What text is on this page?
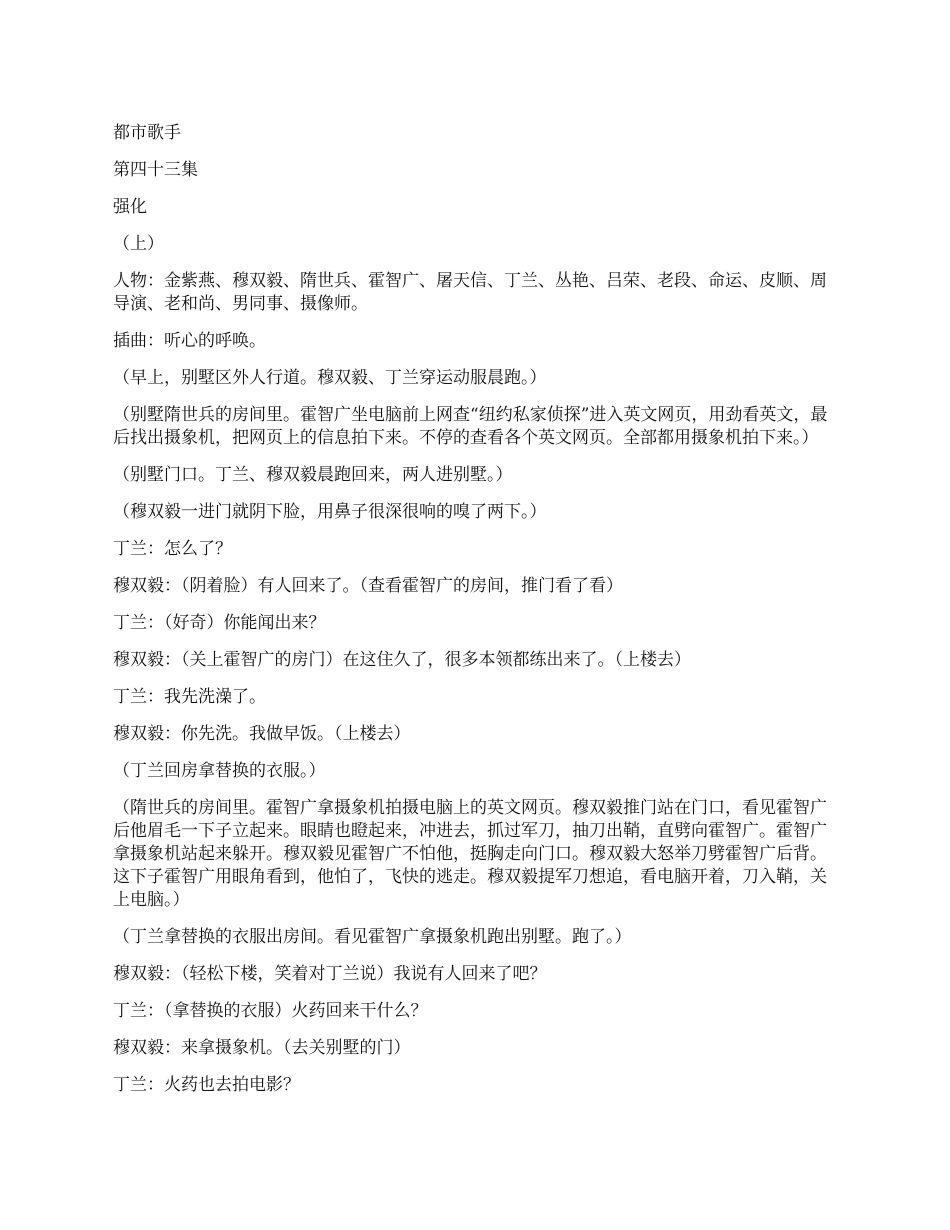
都市歌手

第四十三集

强化

（上）

人物：金紫燕、穆双毅、隋世兵、霍智广、屠天信、丁兰、丛艳、吕荣、老段、命运、皮顺、周导演、老和尚、男同事、摄像师。

插曲：听心的呼唤。

（早上，别墅区外人行道。穆双毅、丁兰穿运动服晨跑。）

（别墅隋世兵的房间里。霍智广坐电脑前上网查“纽约私家侦探”进入英文网页，用劲看英文，最后找出摄象机，把网页上的信息拍下来。不停的查看各个英文网页。全部都用摄象机拍下来。）

（别墅门口。丁兰、穆双毅晨跑回来，两人进别墅。）

（穆双毅一进门就阴下脸，用鼻子很深很响的嗅了两下。）

丁兰：怎么了？

穆双毅：（阴着脸）有人回来了。（查看霍智广的房间，推门看了看）

丁兰：（好奇）你能闻出来？

穆双毅：（关上霍智广的房门）在这住久了，很多本领都练出来了。（上楼去）

丁兰：我先洗澡了。

穆双毅：你先洗。我做早饭。（上楼去）

（丁兰回房拿替换的衣服。）

（隋世兵的房间里。霍智广拿摄象机拍摄电脑上的英文网页。穆双毅推门站在门口，看见霍智广后他眉毛一下子立起来。眼睛也瞪起来，冲进去，抓过军刀，抽刀出鞘，直劈向霍智广。霍智广拿摄象机站起来躲开。穆双毅见霍智广不怕他，挺胸走向门口。穆双毅大怒举刀劈霍智广后背。这下子霍智广用眼角看到，他怕了，飞快的逃走。穆双毅提军刀想追，看电脑开着，刀入鞘，关上电脑。）

（丁兰拿替换的衣服出房间。看见霍智广拿摄象机跑出别墅。跑了。）

穆双毅：（轻松下楼，笑着对丁兰说）我说有人回来了吧？

丁兰：（拿替换的衣服）火药回来干什么？

穆双毅：来拿摄象机。（去关别墅的门）

丁兰：火药也去拍电影？
